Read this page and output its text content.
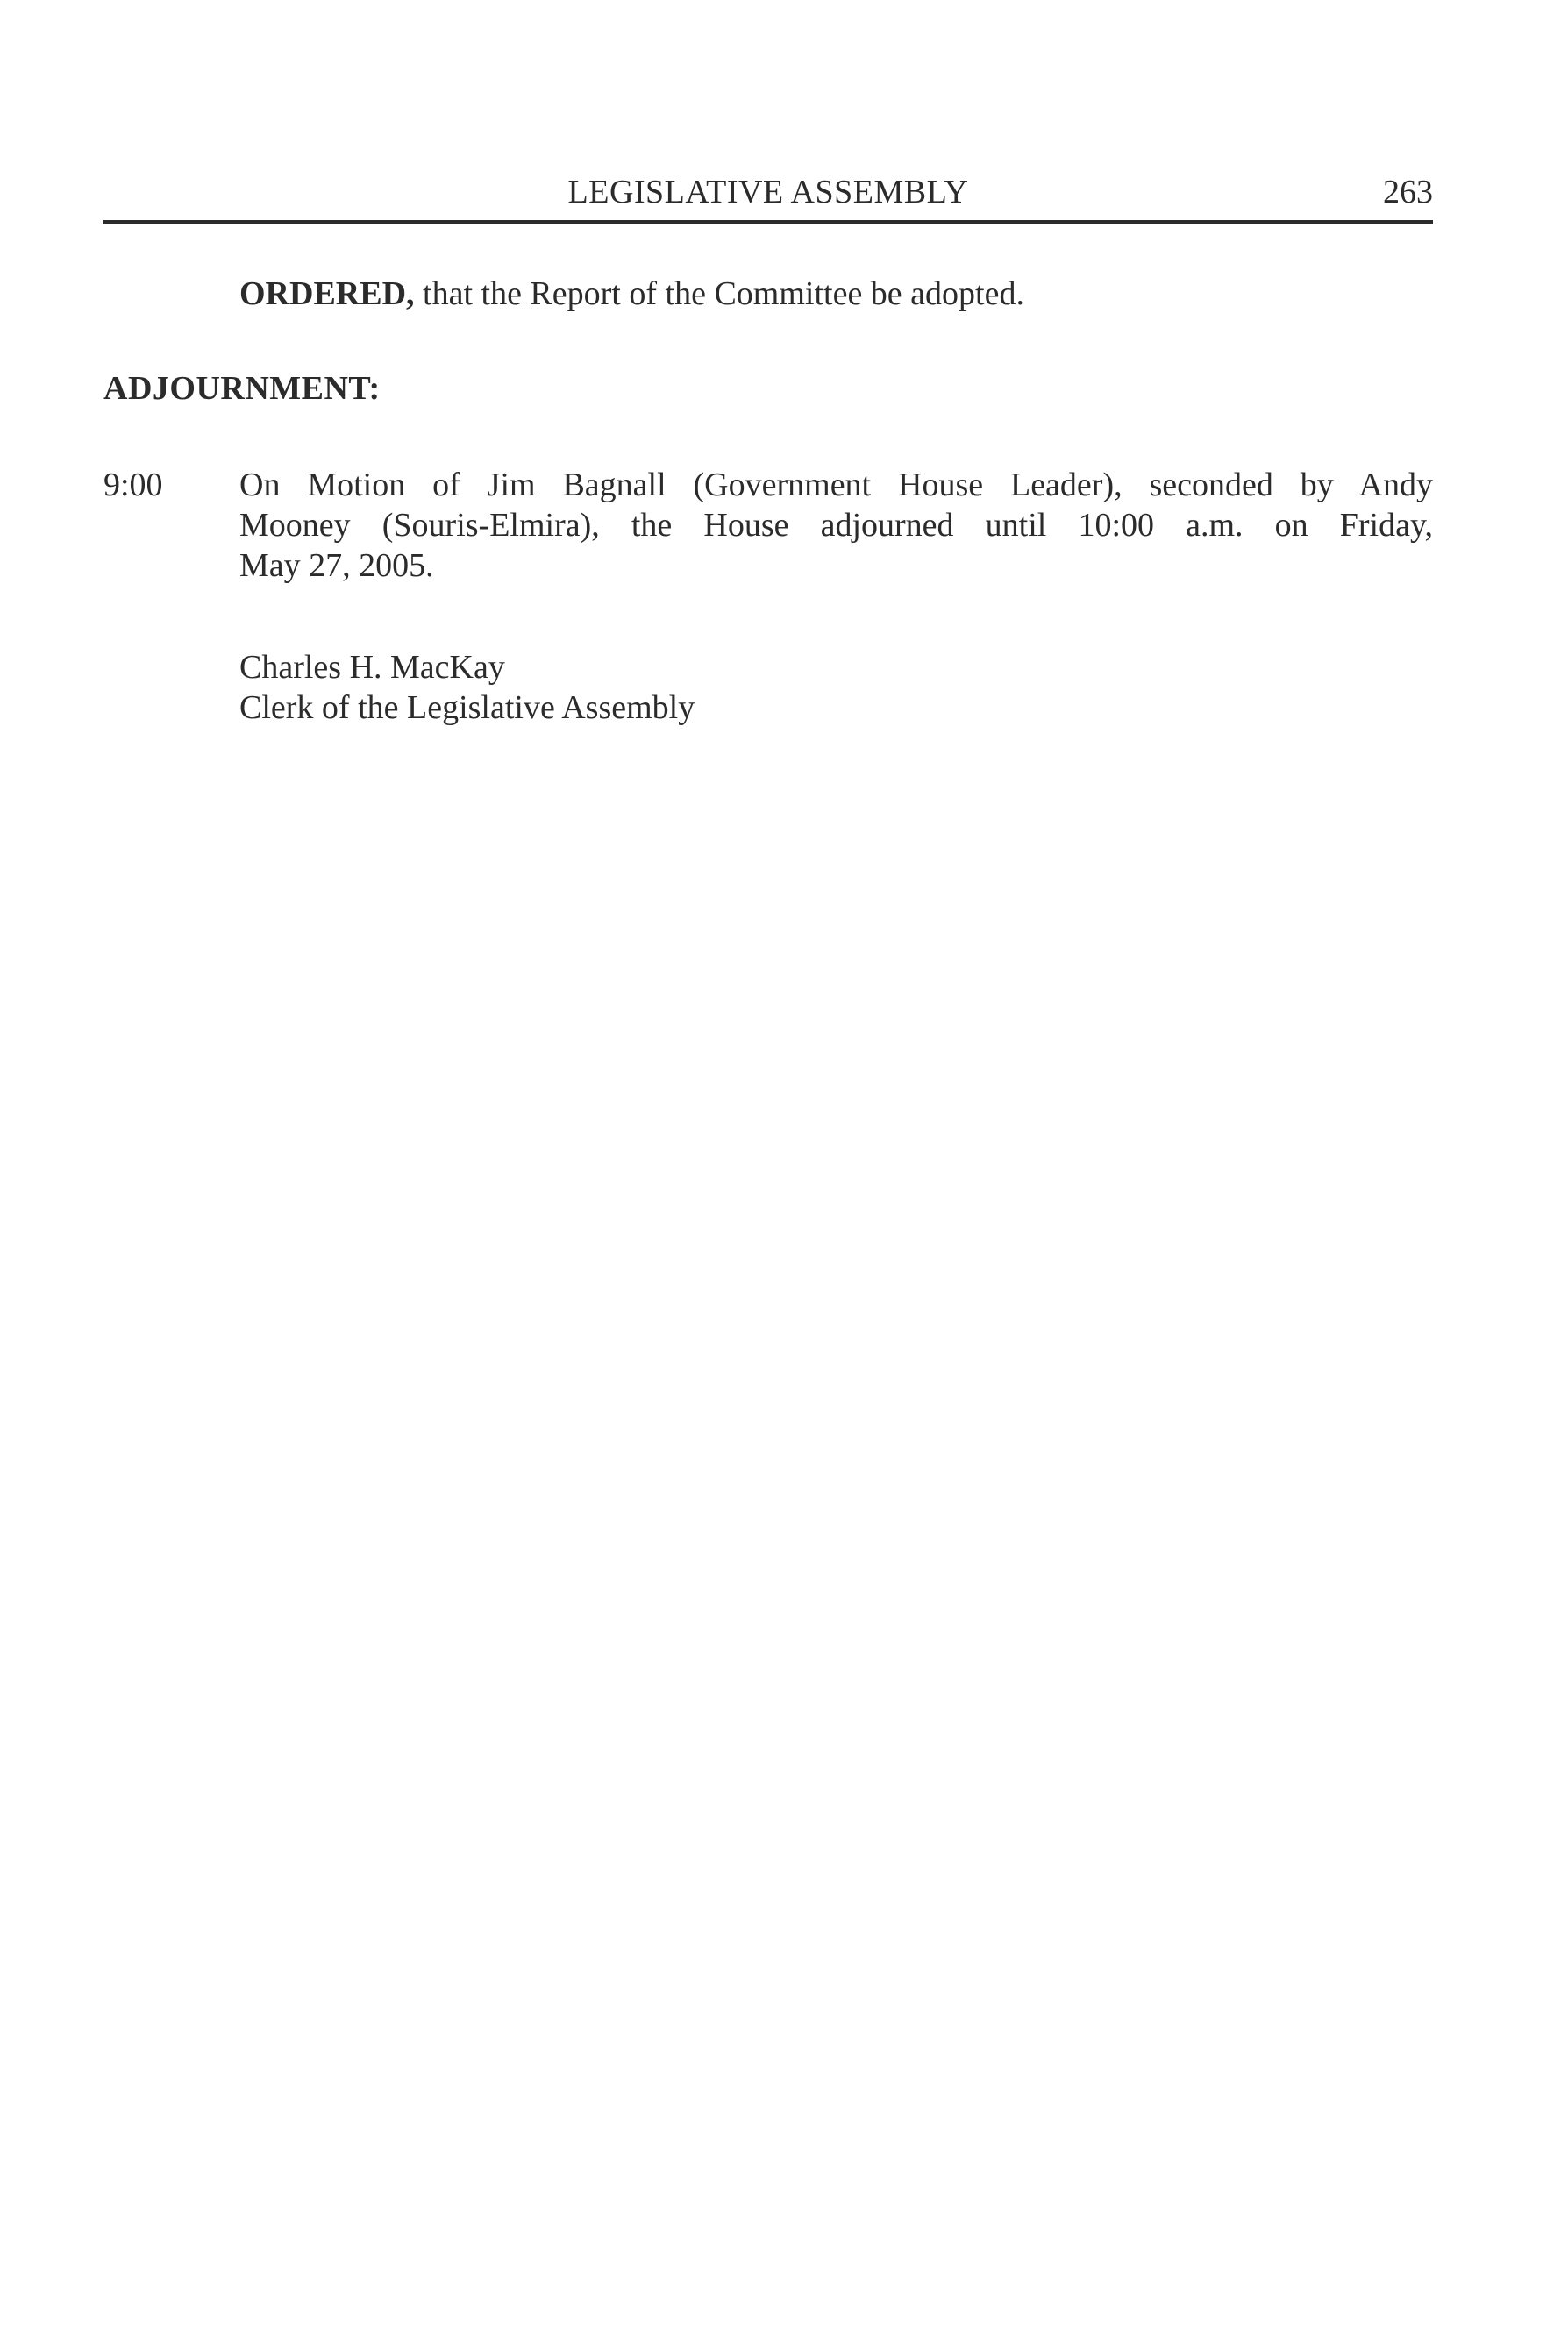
LEGISLATIVE ASSEMBLY	263
ORDERED, that the Report of the Committee be adopted.
ADJOURNMENT:
9:00 On Motion of Jim Bagnall (Government House Leader), seconded by Andy
Mooney (Souris-Elmira), the House adjourned until 10:00 a.m. on Friday,
May 27, 2005.

Charles H. MacKay
Clerk of the Legislative Assembly
